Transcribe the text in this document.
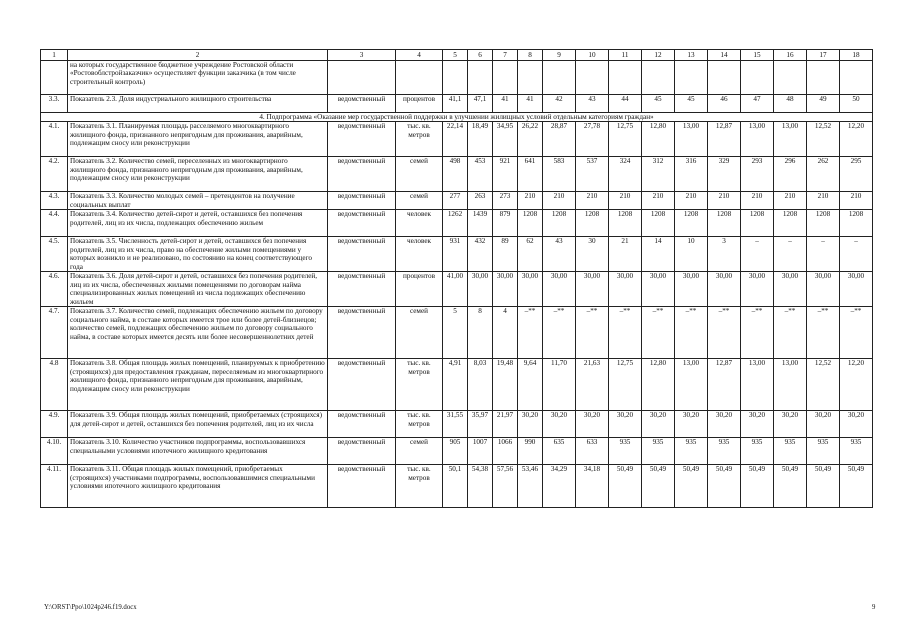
1	2	3	4	5	6	7	8	9	10	11	12	13	14	15	16	17	18
	на которых государственное бюджетное учреждение Ростовской области «Ростовоблстройзаказчик» осуществляет функции заказчика (в том числе строительный контроль)																
3.3.	Показатель 2.3. Доля индустриального жилищного строительства	ведомственный	процентов	41,1	47,1	41	41	42	43	44	45	45	46	47	48	49	50
4. Подпрограмма «Оказание мер государственной поддержки в улучшении жилищных условий отдельным категориям граждан»																	
4.1.	Показатель 3.1. Планируемая площадь расселяемого многоквартирного жилищного фонда, признанного непригодным для проживания, аварийным, подлежащим сносу или реконструкции	ведомственный	тыс. кв. метров	22,14	18,49	34,95	26,22	28,87	27,78	12,75	12,80	13,00	12,87	13,00	13,00	12,52	12,20
4.2.	Показатель 3.2. Количество семей, переселенных из многоквартирного жилищного фонда, признанного непригодным для проживания, аварийным, подлежащим сносу или реконструкции	ведомственный	семей	498	453	921	641	583	537	324	312	316	329	293	296	262	295
4.3.	Показатель 3.3. Количество молодых семей – претендентов на получение социальных выплат	ведомственный	семей	277	263	273	210	210	210	210	210	210	210	210	210	210	210
4.4.	Показатель 3.4. Количество детей-сирот и детей, оставшихся без попечения родителей, лиц из их числа, подлежащих обеспечению жильем	ведомственный	человек	1262	1439	879	1208	1208	1208	1208	1208	1208	1208	1208	1208	1208	1208
4.5.	Показатель 3.5. Численность детей-сирот и детей, оставшихся без попечения родителей, лиц из их числа, право на обеспечение жилыми помещениями у которых возникло и не реализовано, по состоянию на конец соответствующего года	ведомственный	человек	931	432	89	62	43	30	21	14	10	3	–	–	–	–
4.6.	Показатель 3.6. Доля детей-сирот и детей, оставшихся без попечения родителей, лиц из их числа, обеспеченных жилыми помещениями по договорам найма специализированных жилых помещений из числа подлежащих обеспечению жильем	ведомственный	процентов	41,00	30,00	30,00	30,00	30,00	30,00	30,00	30,00	30,00	30,00	30,00	30,00	30,00	30,00
4.7.	Показатель 3.7. Количество семей, подлежащих обеспечению жильем по договору социального найма, в составе которых имеется трое или более детей-близнецов; количество семей, подлежащих обеспечению жильем по договору социального найма, в составе которых имеется десять или более несовершеннолетних детей	ведомственный	семей	5	8	4	–**	–**	–**	–**	–**	–**	–**	–**	–**	–**	–**
4.8	Показатель 3.8. Общая площадь жилых помещений, планируемых к приобретению (строящихся) для предоставления гражданам, переселяемым из многоквартирного жилищного фонда, признанного непригодным для проживания, аварийным, подлежащим сносу или реконструкции	ведомственный	тыс. кв. метров	4,91	8,03	19,48	9,64	11,70	21,63	12,75	12,80	13,00	12,87	13,00	13,00	12,52	12,20
4.9.	Показатель 3.9. Общая площадь жилых помещений, приобретаемых (строящихся) для детей-сирот и детей, оставшихся без попечения родителей, лиц из их числа	ведомственный	тыс. кв. метров	31,55	35,97	21,97	30,20	30,20	30,20	30,20	30,20	30,20	30,20	30,20	30,20	30,20	30,20
4.10.	Показатель 3.10. Количество участников подпрограммы, воспользовавшихся специальными условиями ипотечного жилищного кредитования	ведомственный	семей	905	1007	1066	990	635	633	935	935	935	935	935	935	935	935
4.11.	Показатель 3.11. Общая площадь жилых помещений, приобретаемых (строящихся) участниками подпрограммы, воспользовавшимися специальными условиями ипотечного жилищного кредитования	ведомственный	тыс. кв. метров	50,1	54,38	57,56	53,46	34,29	34,18	50,49	50,49	50,49	50,49	50,49	50,49	50,49	50,49
Y:\ORST\Ppo\1024p246.f19.docx	9
